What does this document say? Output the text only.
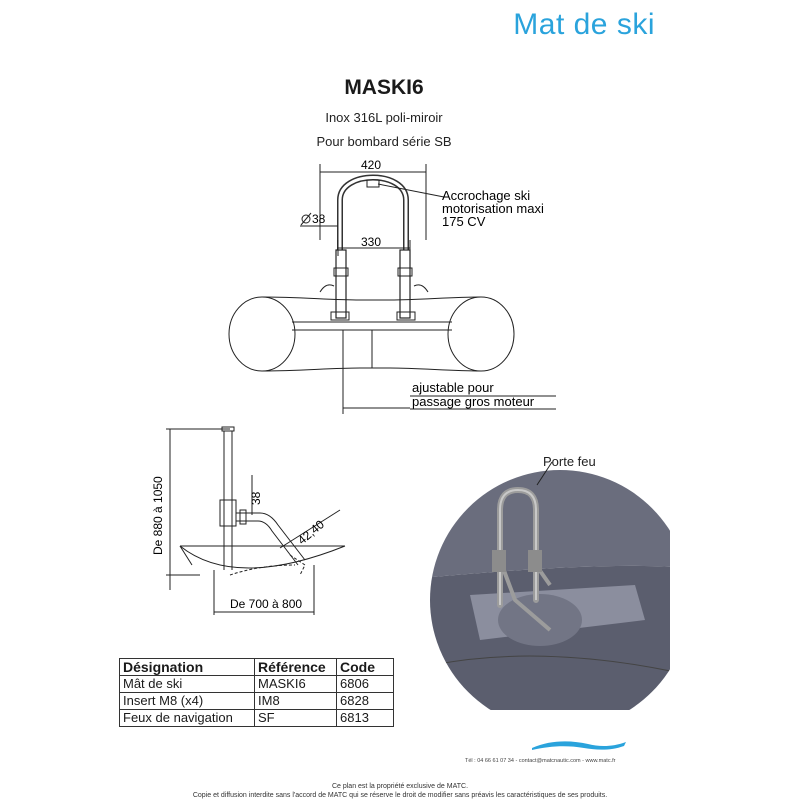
Mat de ski
MASKI6
Inox 316L poli-miroir
Pour bombard série SB
420
38
330
Accrochage ski
motorisation maxi
175 CV
ajustable pour
passage gros moteur
De 880 à 1050	38
42,40
De 700 à 800
Porte feu
Désignation	Référence	Code
Mât de ski	MASKI6	6806
Insert M8 (x4)	IM8	6828
Feux de navigation	SF	6813
Tél : 04 66 61 07 34 - contact@matcnautic.com - www.matc.fr
Ce plan est la propriété exclusive de MATC.
Copie et diffusion interdite sans l'accord de MATC qui se réserve le droit de modifier sans préavis les caractéristiques de ses produits.
